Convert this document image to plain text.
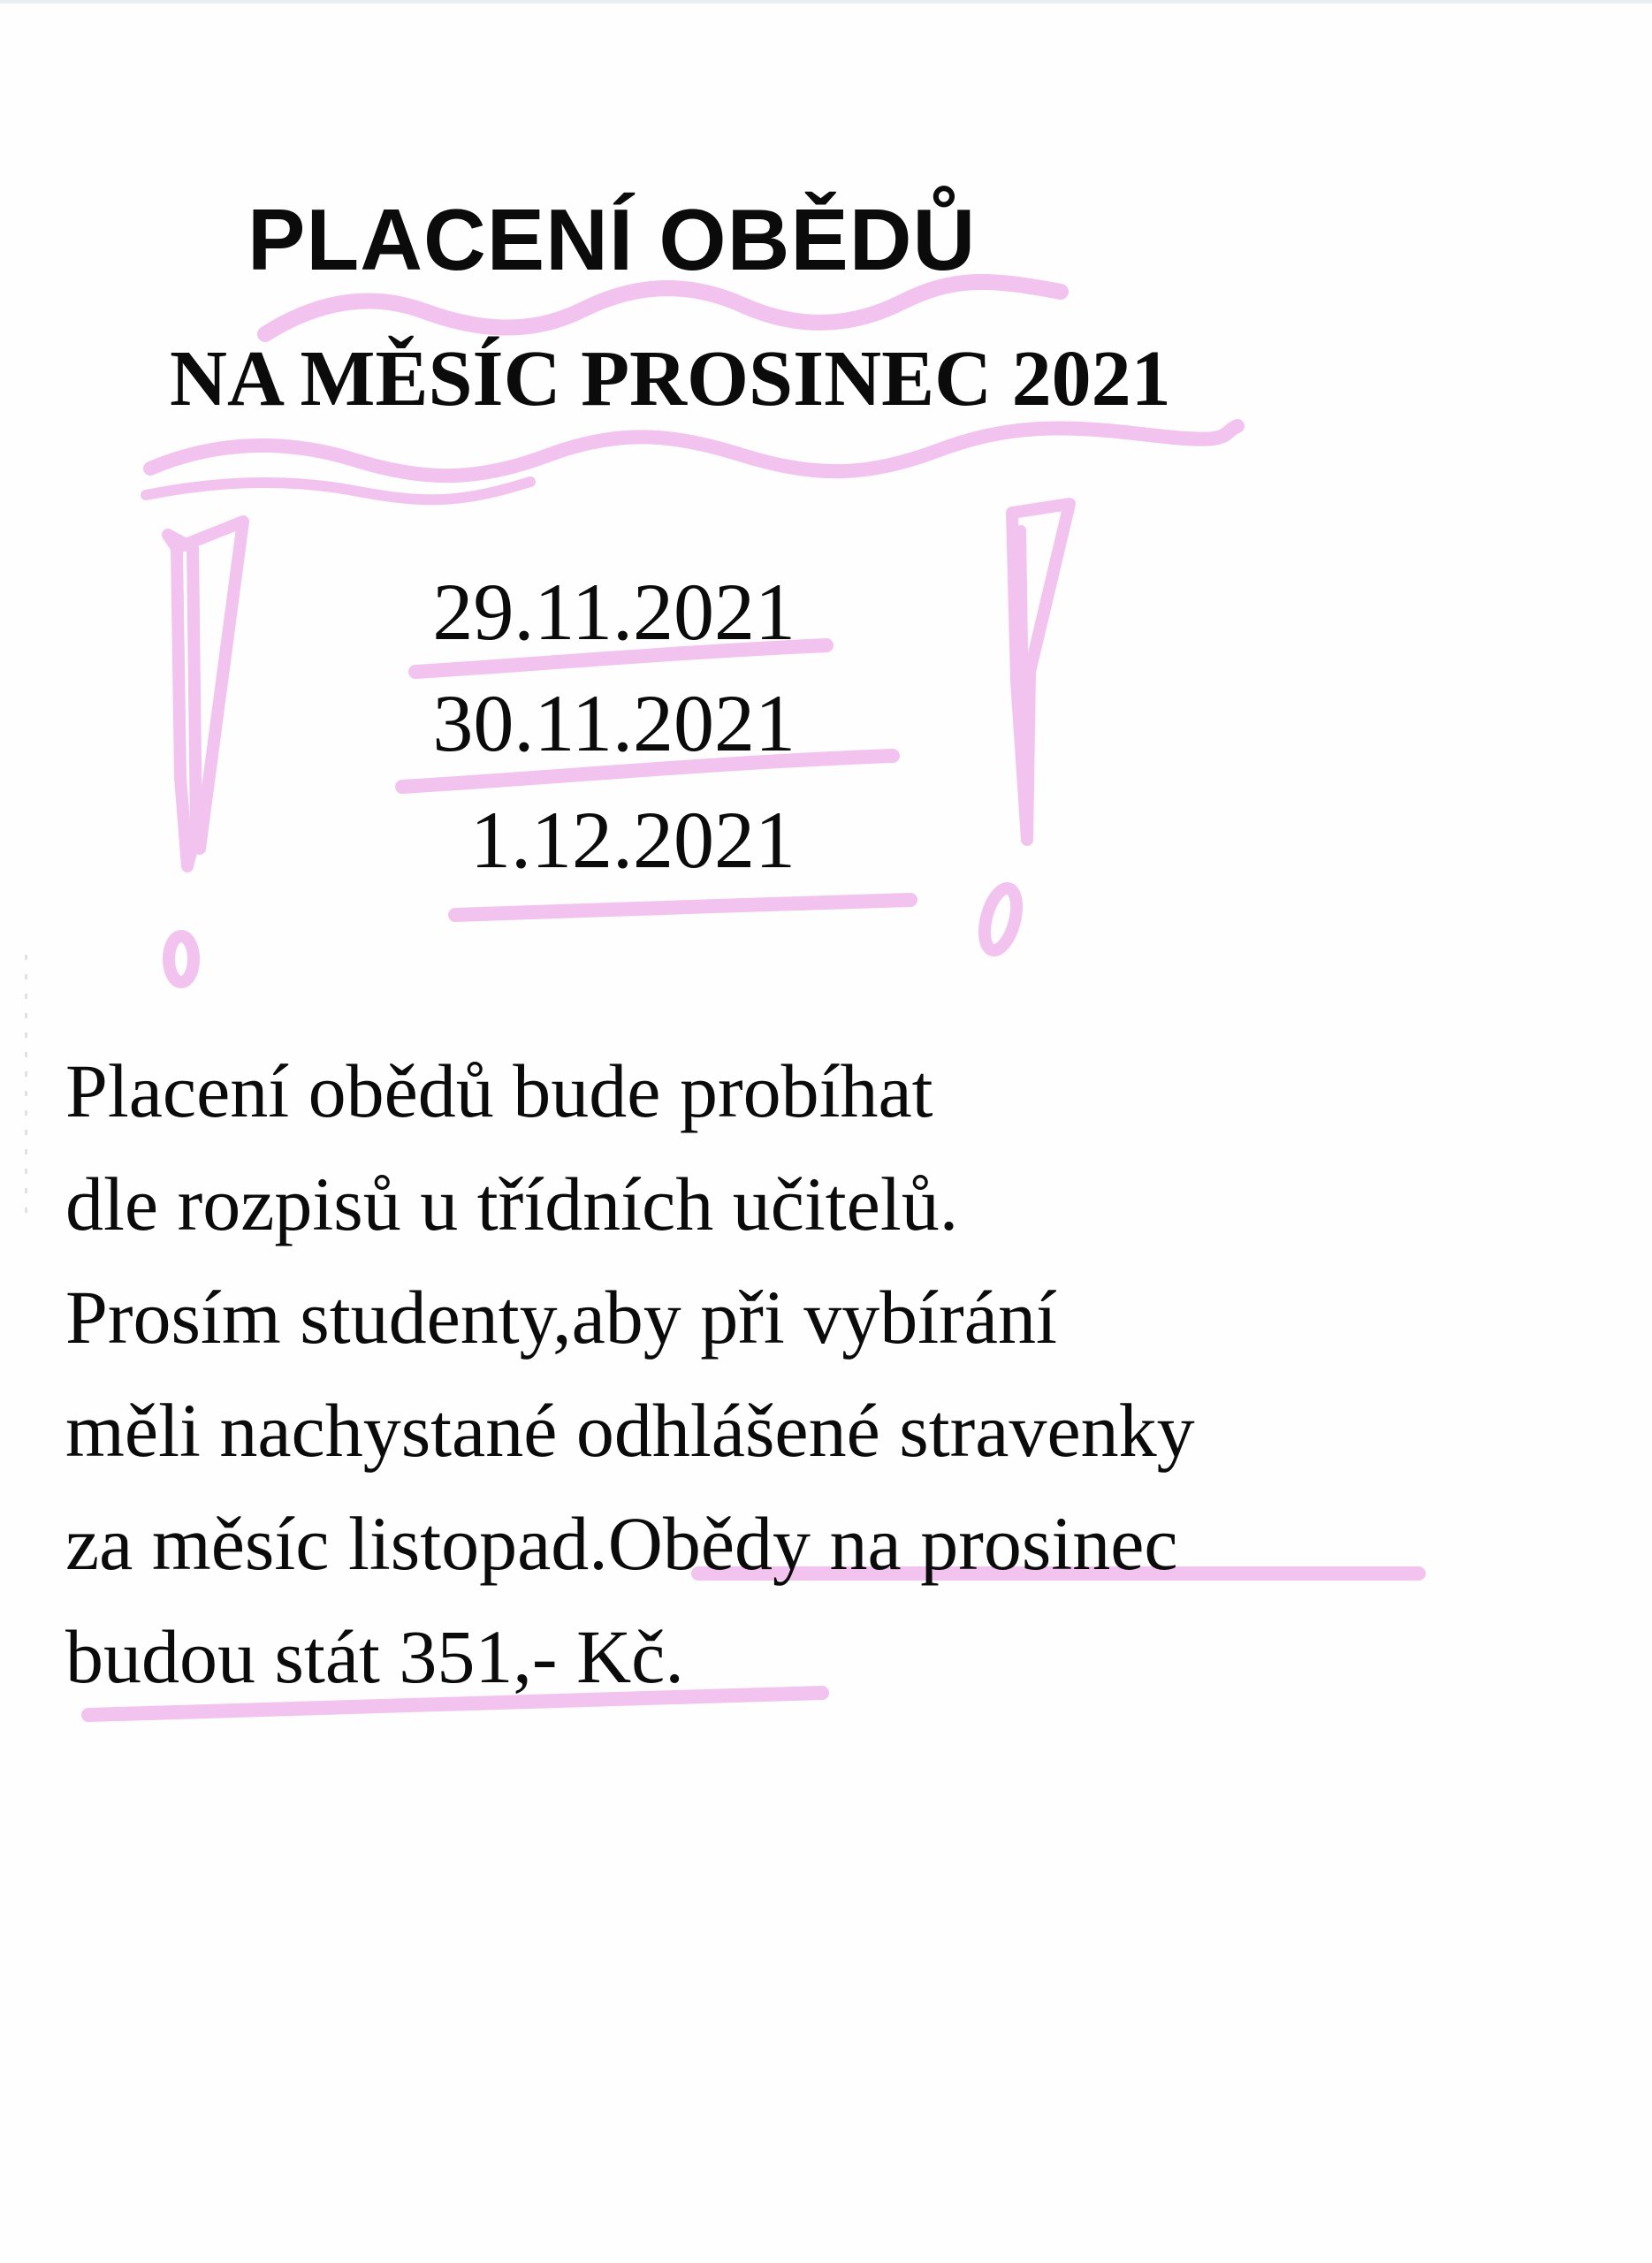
PLACENÍ OBĚDŮ
NA MĚSÍC PROSINEC 2021
29.11.2021
30.11.2021
1.12.2021
Placení obědů bude probíhat
dle rozpisů u třídních učitelů.
Prosím studenty,aby při vybírání
měli nachystané odhlášené stravenky
za měsíc listopad.Obědy na prosinec
budou stát 351,- Kč.
